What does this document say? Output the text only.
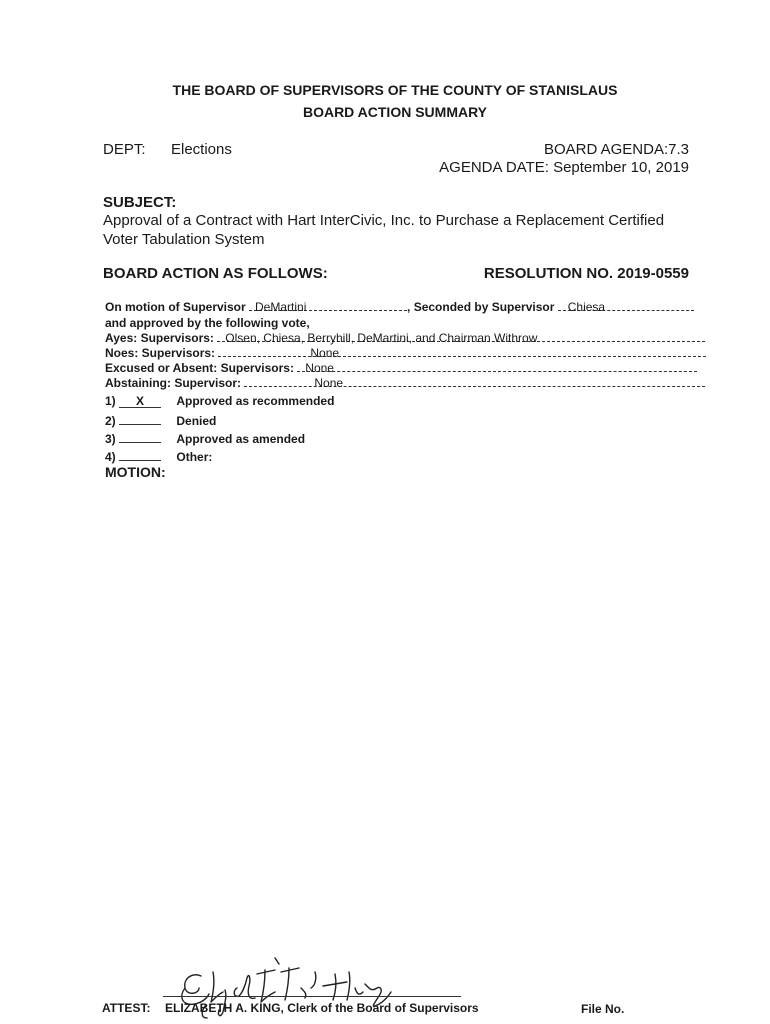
THE BOARD OF SUPERVISORS OF THE COUNTY OF STANISLAUS
BOARD ACTION SUMMARY
DEPT: Elections	BOARD AGENDA:7.3
AGENDA DATE: September 10, 2019
SUBJECT:
Approval of a Contract with Hart InterCivic, Inc. to Purchase a Replacement Certified
Voter Tabulation System
BOARD ACTION AS FOLLOWS:	RESOLUTION NO. 2019-0559
On motion of Supervisor DeMartini	, Seconded by Supervisor Chiesa
and approved by the following vote,
Ayes: Supervisors: Olsen, Chiesa, Berryhill, DeMartini, and Chairman Withrow
Noes: Supervisors:	None
Excused or Absent: Supervisors: None
Abstaining: Supervisor:	None
1) X	Approved as recommended
2)	Denied
3)	Approved as amended
4)	Other:
MOTION:
ATTEST: ELIZABETH A. KING, Clerk of the Board of Supervisors	File No.
